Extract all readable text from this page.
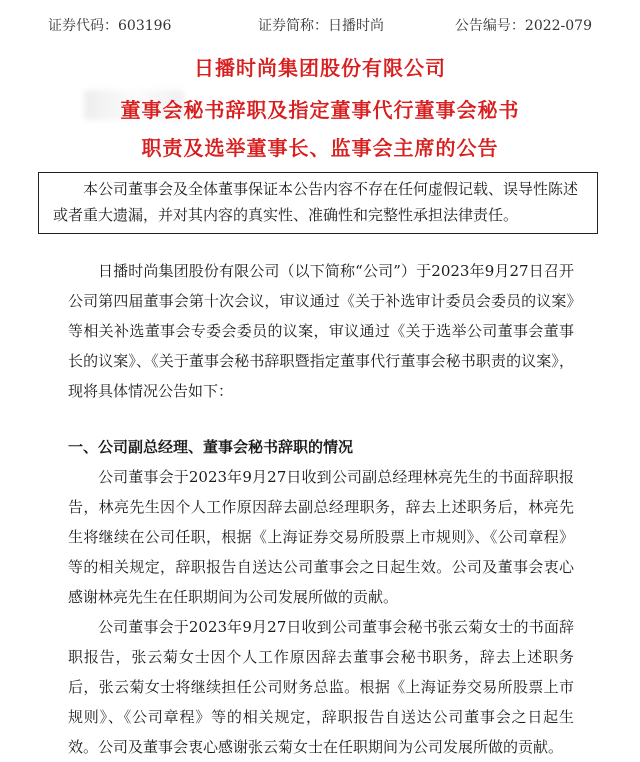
证券代码：603196	证券简称：日播时尚	公告编号：2022-079
日播时尚集团股份有限公司
董事会秘书辞职及指定董事代行董事会秘书
职责及选举董事长、监事会主席的公告
本公司董事会及全体董事保证本公告内容不存在任何虚假记载、误导性陈述或者重大遗漏，并对其内容的真实性、准确性和完整性承担法律责任。
日播时尚集团股份有限公司（以下简称“公司”）于2023年9月27日召开公司第四届董事会第十次会议，审议通过《关于补选审计委员会委员的议案》等相关补选董事会专委会委员的议案，审议通过《关于选举公司董事会董事长的议案》、《关于董事会秘书辞职暨指定董事代行董事会秘书职责的议案》，现将具体情况公告如下：
一、公司副总经理、董事会秘书辞职的情况
公司董事会于2023年9月27日收到公司副总经理林亮先生的书面辞职报告，林亮先生因个人工作原因辞去副总经理职务，辞去上述职务后，林亮先生将继续在公司任职，根据《上海证券交易所股票上市规则》、《公司章程》等的相关规定，辞职报告自送达公司董事会之日起生效。公司及董事会衷心感谢林亮先生在任职期间为公司发展所做的贡献。
公司董事会于2023年9月27日收到公司董事会秘书张云菊女士的书面辞职报告，张云菊女士因个人工作原因辞去董事会秘书职务，辞去上述职务后，张云菊女士将继续担任公司财务总监。根据《上海证券交易所股票上市规则》、《公司章程》等的相关规定，辞职报告自送达公司董事会之日起生效。公司及董事会衷心感谢张云菊女士在任职期间为公司发展所做的贡献。
